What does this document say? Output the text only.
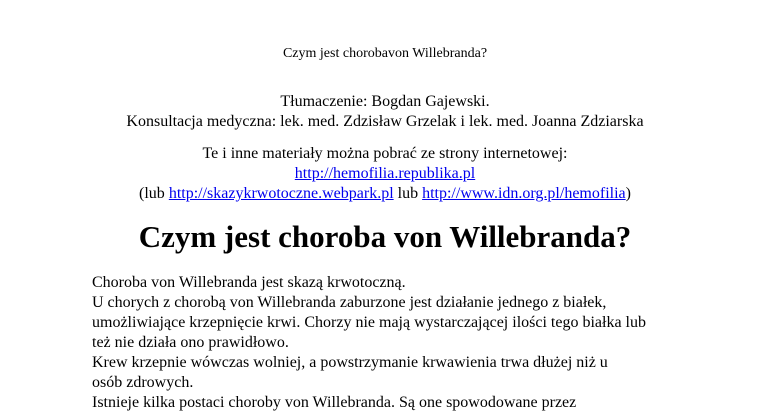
Czym jest chorobavon Willebranda?
Tłumaczenie: Bogdan Gajewski.
Konsultacja medyczna: lek. med. Zdzisław Grzelak i lek. med. Joanna Zdziarska
Te i inne materiały można pobrać ze strony internetowej:
http://hemofilia.republika.pl
(lub http://skazykrwotoczne.webpark.pl lub http://www.idn.org.pl/hemofilia)
Czym jest choroba von Willebranda?

Choroba von Willebranda jest skazą krwotoczną.

U chorych z chorobą von Willebranda zaburzone jest działanie jednego z białek,

umożliwiające krzepnięcie krwi. Chorzy nie mają wystarczającej ilości tego białka lub

też nie działa ono prawidłowo.

Krew krzepnie wówczas wolniej, a powstrzymanie krwawienia trwa dłużej niż u

osób zdrowych.

Istnieje kilka postaci choroby von Willebranda. Są one spowodowane przez
